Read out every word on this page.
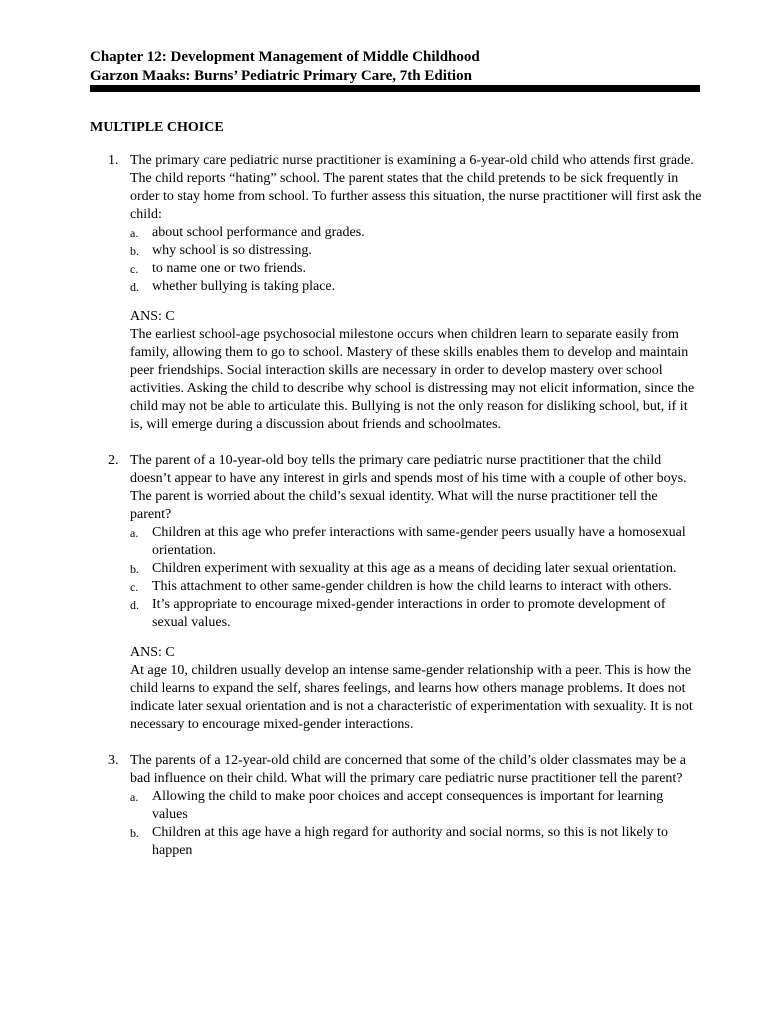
Chapter 12: Development Management of Middle Childhood
Garzon Maaks: Burns’ Pediatric Primary Care, 7th Edition
MULTIPLE CHOICE
1. The primary care pediatric nurse practitioner is examining a 6-year-old child who attends first grade. The child reports “hating” school. The parent states that the child pretends to be sick frequently in order to stay home from school. To further assess this situation, the nurse practitioner will first ask the child:
a. about school performance and grades.
b. why school is so distressing.
c. to name one or two friends.
d. whether bullying is taking place.
ANS: C
The earliest school-age psychosocial milestone occurs when children learn to separate easily from family, allowing them to go to school. Mastery of these skills enables them to develop and maintain peer friendships. Social interaction skills are necessary in order to develop mastery over school activities. Asking the child to describe why school is distressing may not elicit information, since the child may not be able to articulate this. Bullying is not the only reason for disliking school, but, if it is, will emerge during a discussion about friends and schoolmates.
2. The parent of a 10-year-old boy tells the primary care pediatric nurse practitioner that the child doesn’t appear to have any interest in girls and spends most of his time with a couple of other boys. The parent is worried about the child’s sexual identity. What will the nurse practitioner tell the parent?
a. Children at this age who prefer interactions with same-gender peers usually have a homosexual orientation.
b. Children experiment with sexuality at this age as a means of deciding later sexual orientation.
c. This attachment to other same-gender children is how the child learns to interact with others.
d. It’s appropriate to encourage mixed-gender interactions in order to promote development of sexual values.
ANS: C
At age 10, children usually develop an intense same-gender relationship with a peer. This is how the child learns to expand the self, shares feelings, and learns how others manage problems. It does not indicate later sexual orientation and is not a characteristic of experimentation with sexuality. It is not necessary to encourage mixed-gender interactions.
3. The parents of a 12-year-old child are concerned that some of the child’s older classmates may be a bad influence on their child. What will the primary care pediatric nurse practitioner tell the parent?
a. Allowing the child to make poor choices and accept consequences is important for learning values
b. Children at this age have a high regard for authority and social norms, so this is not likely to happen
